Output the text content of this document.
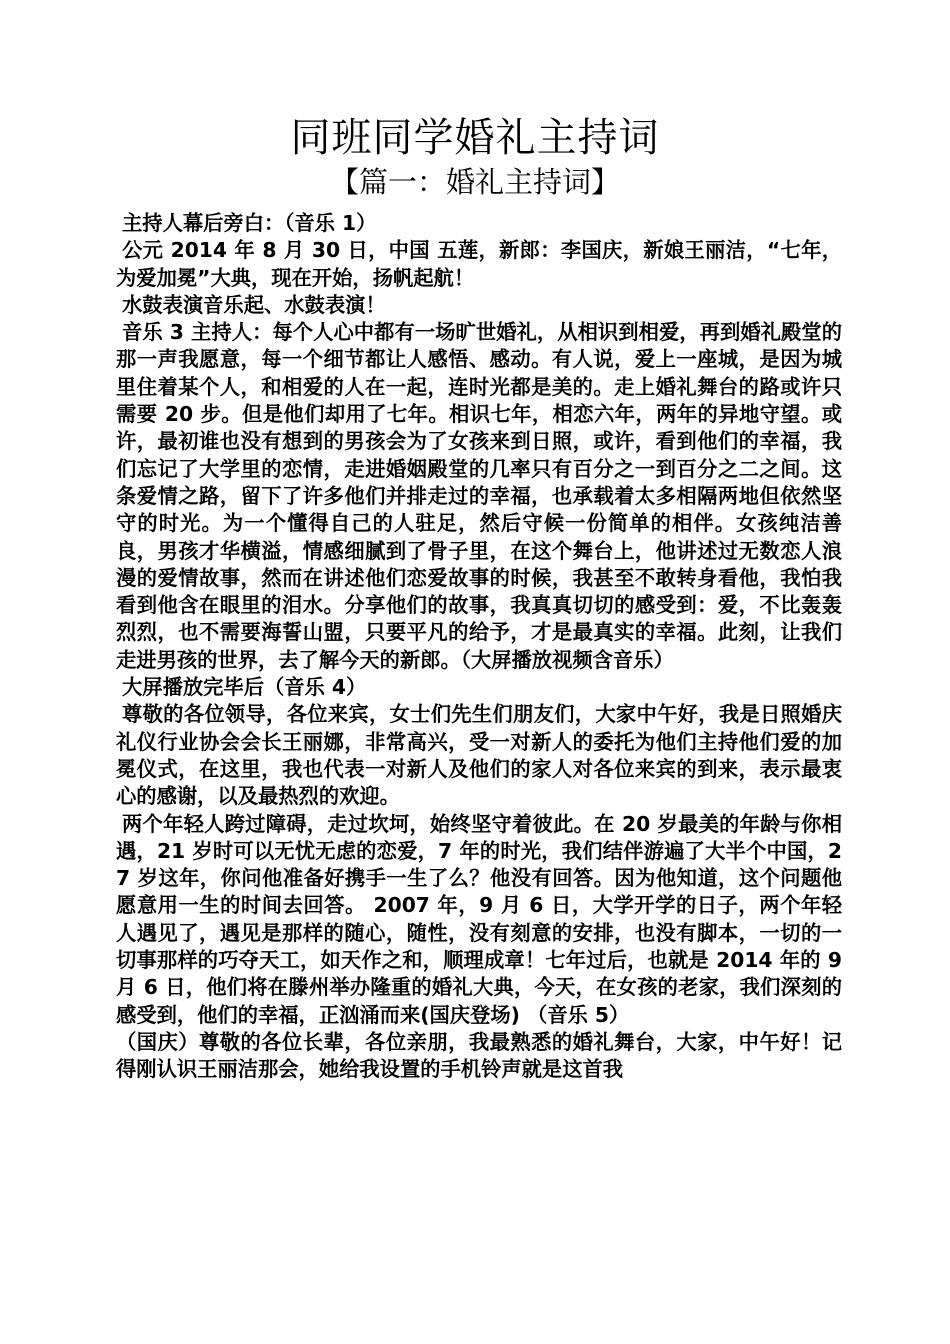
同班同学婚礼主持词
【篇一：婚礼主持词】

主持人幕后旁白：（音乐 1）

公元 2014 年 8 月 30 日，中国 五莲，新郎：李国庆，新娘王丽洁，“七年，为爱加冕”大典，现在开始，扬帆起航！

水鼓表演音乐起、水鼓表演！

音乐 3 主持人：每个人心中都有一场旷世婚礼，从相识到相爱，再到婚礼殿堂的那一声我愿意，每一个细节都让人感悟、感动。有人说，爱上一座城，是因为城里住着某个人，和相爱的人在一起，连时光都是美的。走上婚礼舞台的路或许只需要 20 步。但是他们却用了七年。相识七年，相恋六年，两年的异地守望。或许，最初谁也没有想到的男孩会为了女孩来到日照，或许，看到他们的幸福，我们忘记了大学里的恋情，走进婚姻殿堂的几率只有百分之一到百分之二之间。这条爱情之路，留下了许多他们并排走过的幸福，也承载着太多相隔两地但依然坚守的时光。为一个懂得自己的人驻足，然后守候一份简单的相伴。女孩纯洁善良，男孩才华横溢，情感细腻到了骨子里，在这个舞台上，他讲述过无数恋人浪漫的爱情故事，然而在讲述他们恋爱故事的时候，我甚至不敢转身看他，我怕我看到他含在眼里的泪水。分享他们的故事，我真真切切的感受到：爱，不比轰轰烈烈，也不需要海誓山盟，只要平凡的给予，才是最真实的幸福。此刻，让我们走进男孩的世界，去了解今天的新郎。（大屏播放视频含音乐）

大屏播放完毕后（音乐 4）

尊敬的各位领导，各位来宾，女士们先生们朋友们，大家中午好，我是日照婚庆礼仪行业协会会长王丽娜，非常高兴，受一对新人的委托为他们主持他们爱的加冕仪式，在这里，我也代表一对新人及他们的家人对各位来宾的到来，表示最衷心的感谢，以及最热烈的欢迎。

两个年轻人跨过障碍，走过坎坷，始终坚守着彼此。在 20 岁最美的年龄与你相遇，21 岁时可以无忧无虑的恋爱，7 年的时光，我们结伴游遍了大半个中国，27 岁这年，你问他准备好携手一生了么？他没有回答。因为他知道，这个问题他愿意用一生的时间去回答。 2007 年，9 月 6 日，大学开学的日子，两个年轻人遇见了，遇见是那样的随心，随性，没有刻意的安排，也没有脚本，一切的一切事那样的巧夺天工，如天作之和，顺理成章！七年过后，也就是 2014 年的 9 月 6 日，他们将在滕州举办隆重的婚礼大典，今天，在女孩的老家，我们深刻的感受到，他们的幸福，正汹涌而来(国庆登场) （音乐 5）

（国庆）尊敬的各位长辈，各位亲朋，我最熟悉的婚礼舞台，大家，中午好！记得刚认识王丽洁那会，她给我设置的手机铃声就是这首我
